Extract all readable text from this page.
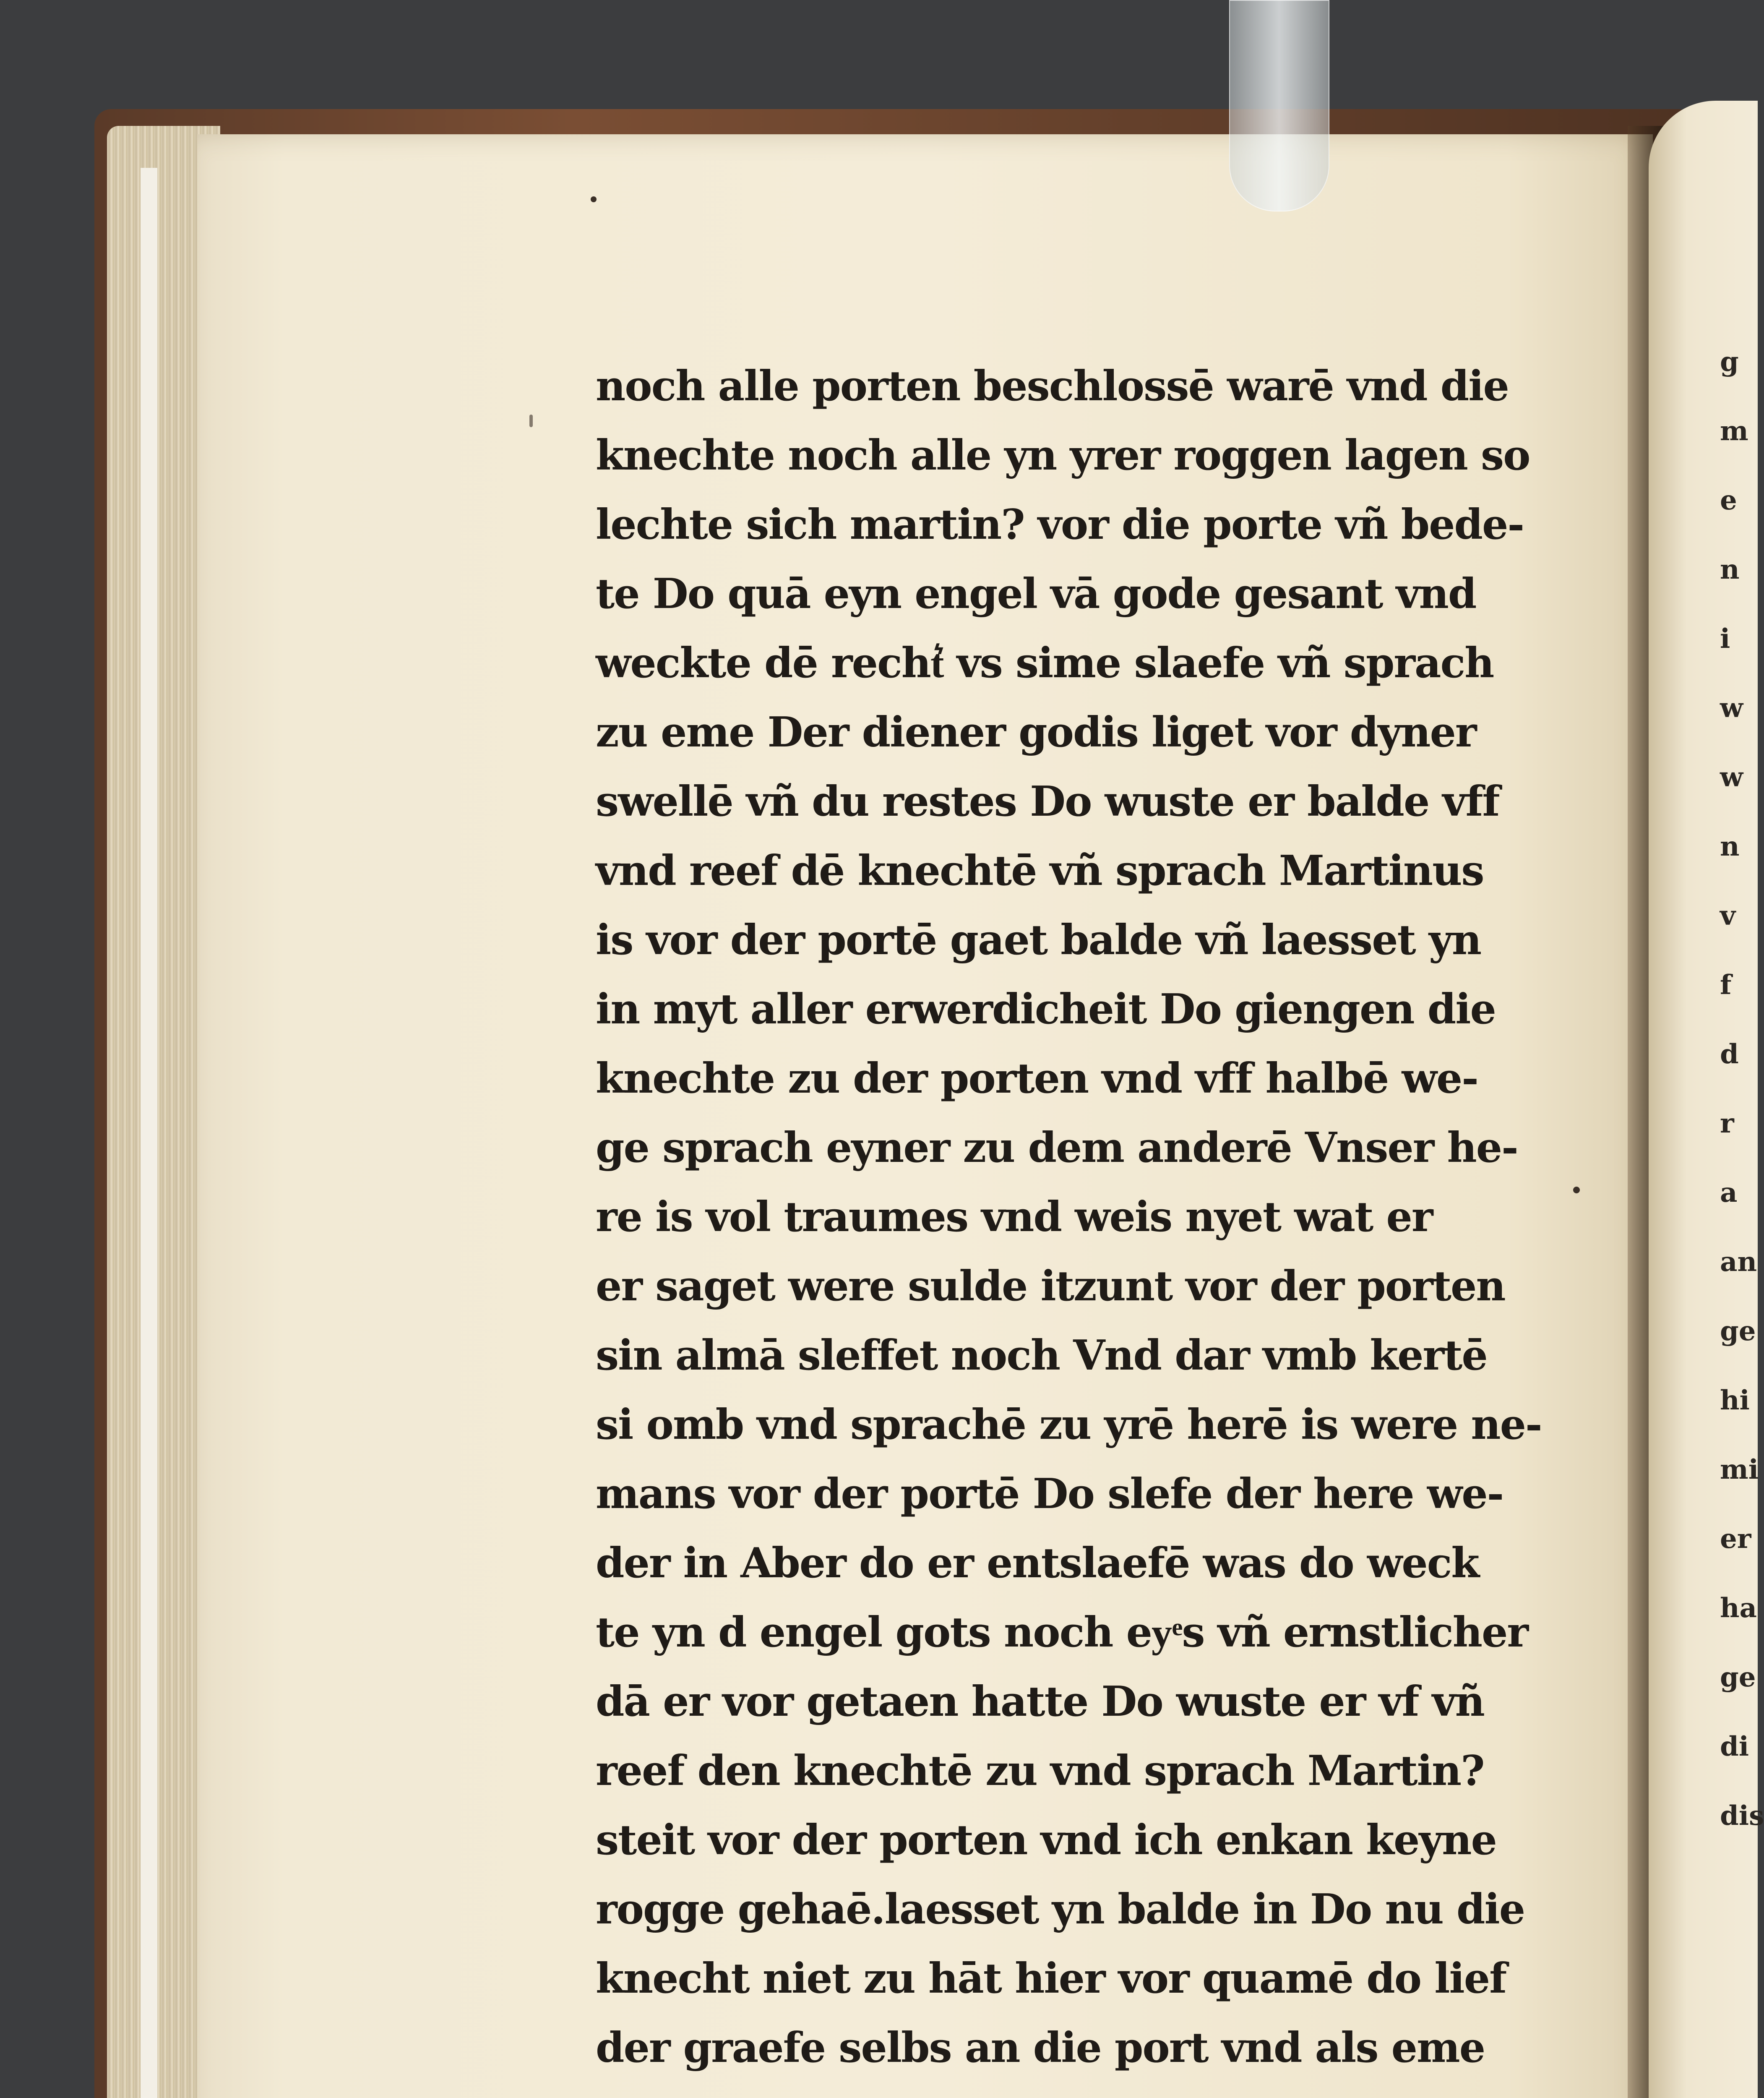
g
m
e
n
i
w
w
n
v
f
d
r
a
an
ge
hi
mi
er
ha
ge
di
dis
noch alle porten beschlossē warē vnd die
knechte noch alle yn yrer roggen lagen so
lechte sich martin? vor die porte vñ bede-
te Do quā eyn engel vā gode gesant vnd
weckte dē recht͛ vs sime slaefe vñ sprach
zu eme Der diener godis liget vor dyner
swellē vñ du restes Do wuste er balde vff
vnd reef dē knechtē vñ sprach Martinus
is vor der portē gaet balde vñ laesset yn
in myt aller erwerdicheit Do giengen die
knechte zu der porten vnd vff halbē we-
ge sprach eyner zu dem anderē Vnser he-
re is vol traumes vnd weis nyet wat er
er saget were sulde itzunt vor der porten
sin almā sleffet noch Vnd dar vmb kertē
si omb vnd sprachē zu yrē herē is were ne-
mans vor der portē Do slefe der here we-
der in Aber do er entslaefē was do weck
te yn d engel gots noch eyͤs vñ ernstlicher
dā er vor getaen hatte Do wuste er vf vñ
reef den knechtē zu vnd sprach Martin?
steit vor der porten vnd ich enkan keyne
rogge gehaē.laesset yn balde in Do nu die
knecht niet zu hāt hier vor quamē do lief
der graefe selbs an die port vnd als eme
